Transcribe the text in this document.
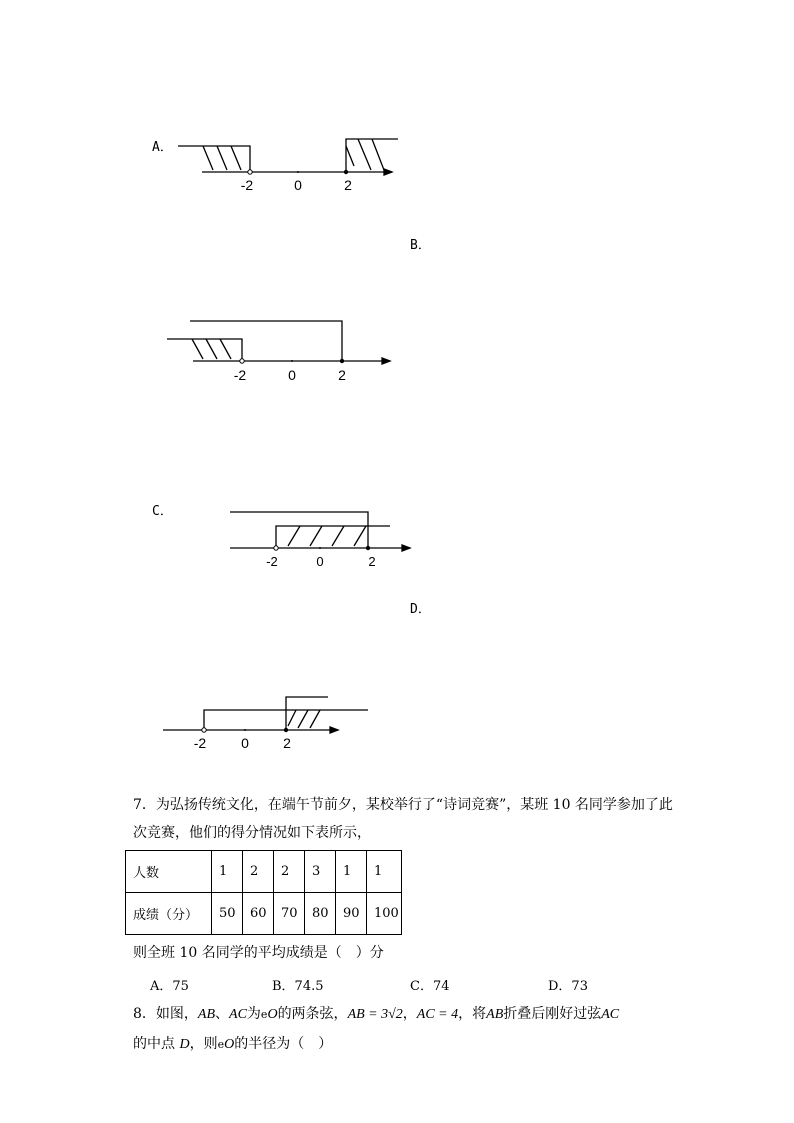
A．
B．
C．
D．
-2	0	2
-2	0	2
-2	0	2
-2 0 2
7．为弘扬传统文化，在端午节前夕，某校举行了“诗词竞赛”，某班 10 名同学参加了此
次竞赛，他们的得分情况如下表所示，
人数	1	2	2	3	1	1
成绩（分）	50	60	70	80	90	100
则全班 10 名同学的平均成绩是（　）分
A．75	B．74.5	C．74	D．73
8．如图，AB、AC为eO的两条弦，AB = 3√2，AC = 4，将AB折叠后刚好过弦AC
的中点 D，则eO的半径为（　）
